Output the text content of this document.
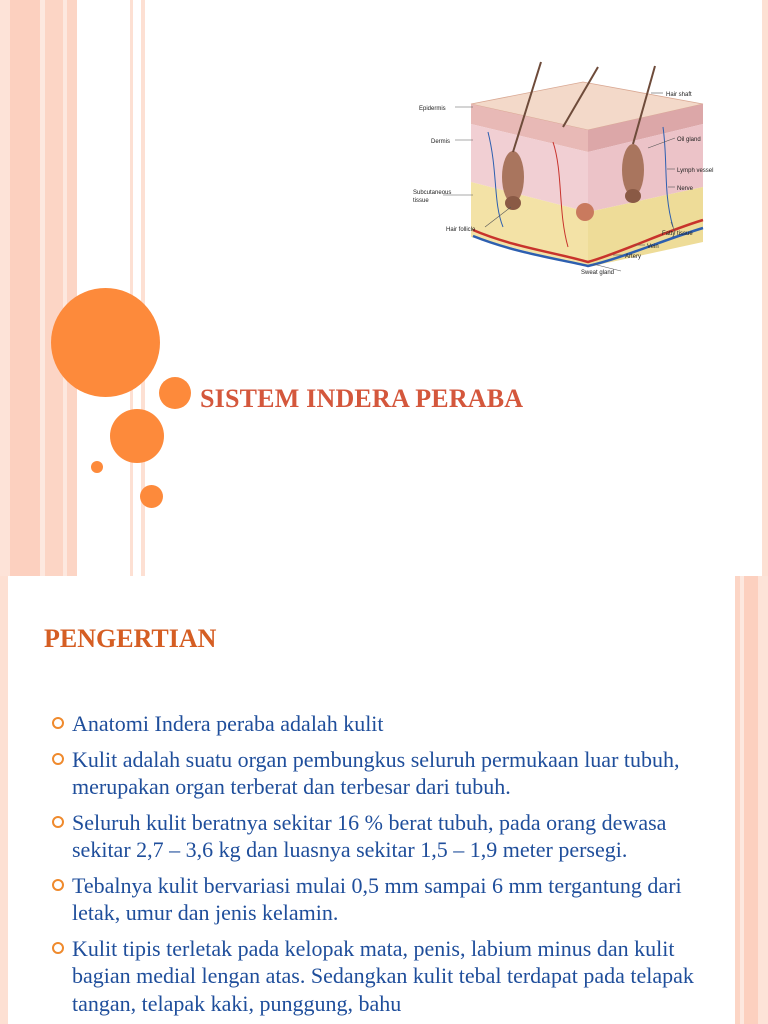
Epidermis
Dermis
Subcutaneous
tissue
Hair follicle
Hair shaft
Oil gland
Lymph vessel
Nerve
Fatty tissue
Vein
Artery
Sweat gland
SISTEM INDERA PERABA
PENGERTIAN
Anatomi Indera peraba adalah kulit
Kulit adalah suatu organ pembungkus seluruh permukaan luar tubuh, merupakan organ terberat dan terbesar dari tubuh.
Seluruh kulit beratnya sekitar 16 % berat tubuh, pada orang dewasa sekitar 2,7 – 3,6 kg dan luasnya sekitar 1,5 – 1,9 meter persegi.
Tebalnya kulit bervariasi mulai 0,5 mm sampai 6 mm tergantung dari letak, umur dan jenis kelamin.
Kulit tipis terletak pada kelopak mata, penis, labium minus dan kulit bagian medial lengan atas. Sedangkan kulit tebal terdapat pada telapak tangan, telapak kaki, punggung, bahu
